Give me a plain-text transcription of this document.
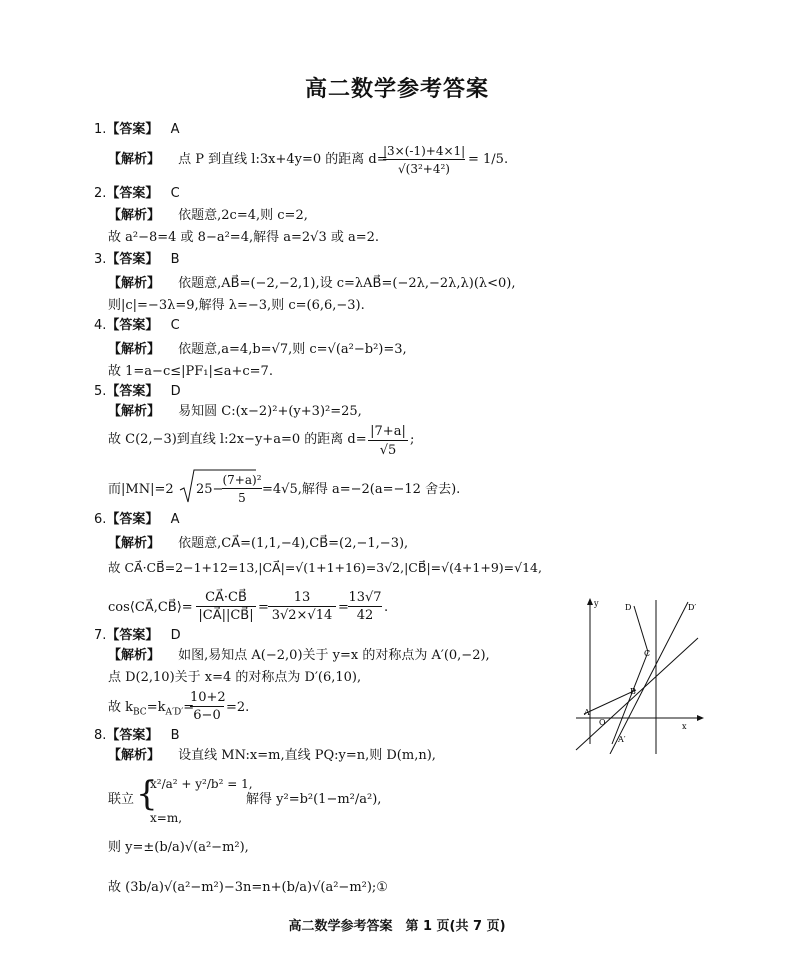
高二数学参考答案
1.【答案】 A
【解析】 点 P 到直线 l:3x+4y=0 的距离 d=
|3×(-1)+4×1|
√(3²+4²)
= 1/5.
2.【答案】 C
【解析】 依题意,2c=4,则 c=2,
故 a²−8=4 或 8−a²=4,解得 a=2√3 或 a=2.
3.【答案】 B
【解析】 依题意,AB⃗=(−2,−2,1),设 c=λAB⃗=(−2λ,−2λ,λ)(λ<0),
则|c|=−3λ=9,解得 λ=−3,则 c=(6,6,−3).
4.【答案】 C
【解析】 依题意,a=4,b=√7,则 c=√(a²−b²)=3,
故 1=a−c≤|PF₁|≤a+c=7.
5.【答案】 D
【解析】 易知圆 C:(x−2)²+(y+3)²=25,
故 C(2,−3)到直线 l:2x−y+a=0 的距离 d=
|7+a|
√5
;
而|MN|=2 25−
(7+a)²
5
=4√5,解得 a=−2(a=−12 舍去).
6.【答案】 A
【解析】 依题意,CA⃗=(1,1,−4),CB⃗=(2,−1,−3),
故 CA⃗·CB⃗=2−1+12=13,|CA⃗|=√(1+1+16)=3√2,|CB⃗|=√(4+1+9)=√14,
cos⟨CA⃗,CB⃗⟩=
CA⃗·CB⃗
|CA⃗||CB⃗|
=
13
3√2×√14
=
13√7
42
.
7.【答案】 D
【解析】 如图,易知点 A(−2,0)关于 y=x 的对称点为 A′(0,−2),
点 D(2,10)关于 x=4 的对称点为 D′(6,10),
故 $k_{BC}=k_{A'D'}=$
10+2
6−0
=2.
8.【答案】 B
【解析】 设直线 MN:x=m,直线 PQ:y=n,则 D(m,n),
联立 {
x²/a² + y²/b² = 1,
x=m,
解得 y²=b²(1−m²/a²),
则 y=±(b/a)√(a²−m²),
故 (3b/a)√(a²−m²)−3n=n+(b/a)√(a²−m²);①
y
x
D	D′
C
B
A
O
A′
高二数学参考答案　第 1 页(共 7 页)
